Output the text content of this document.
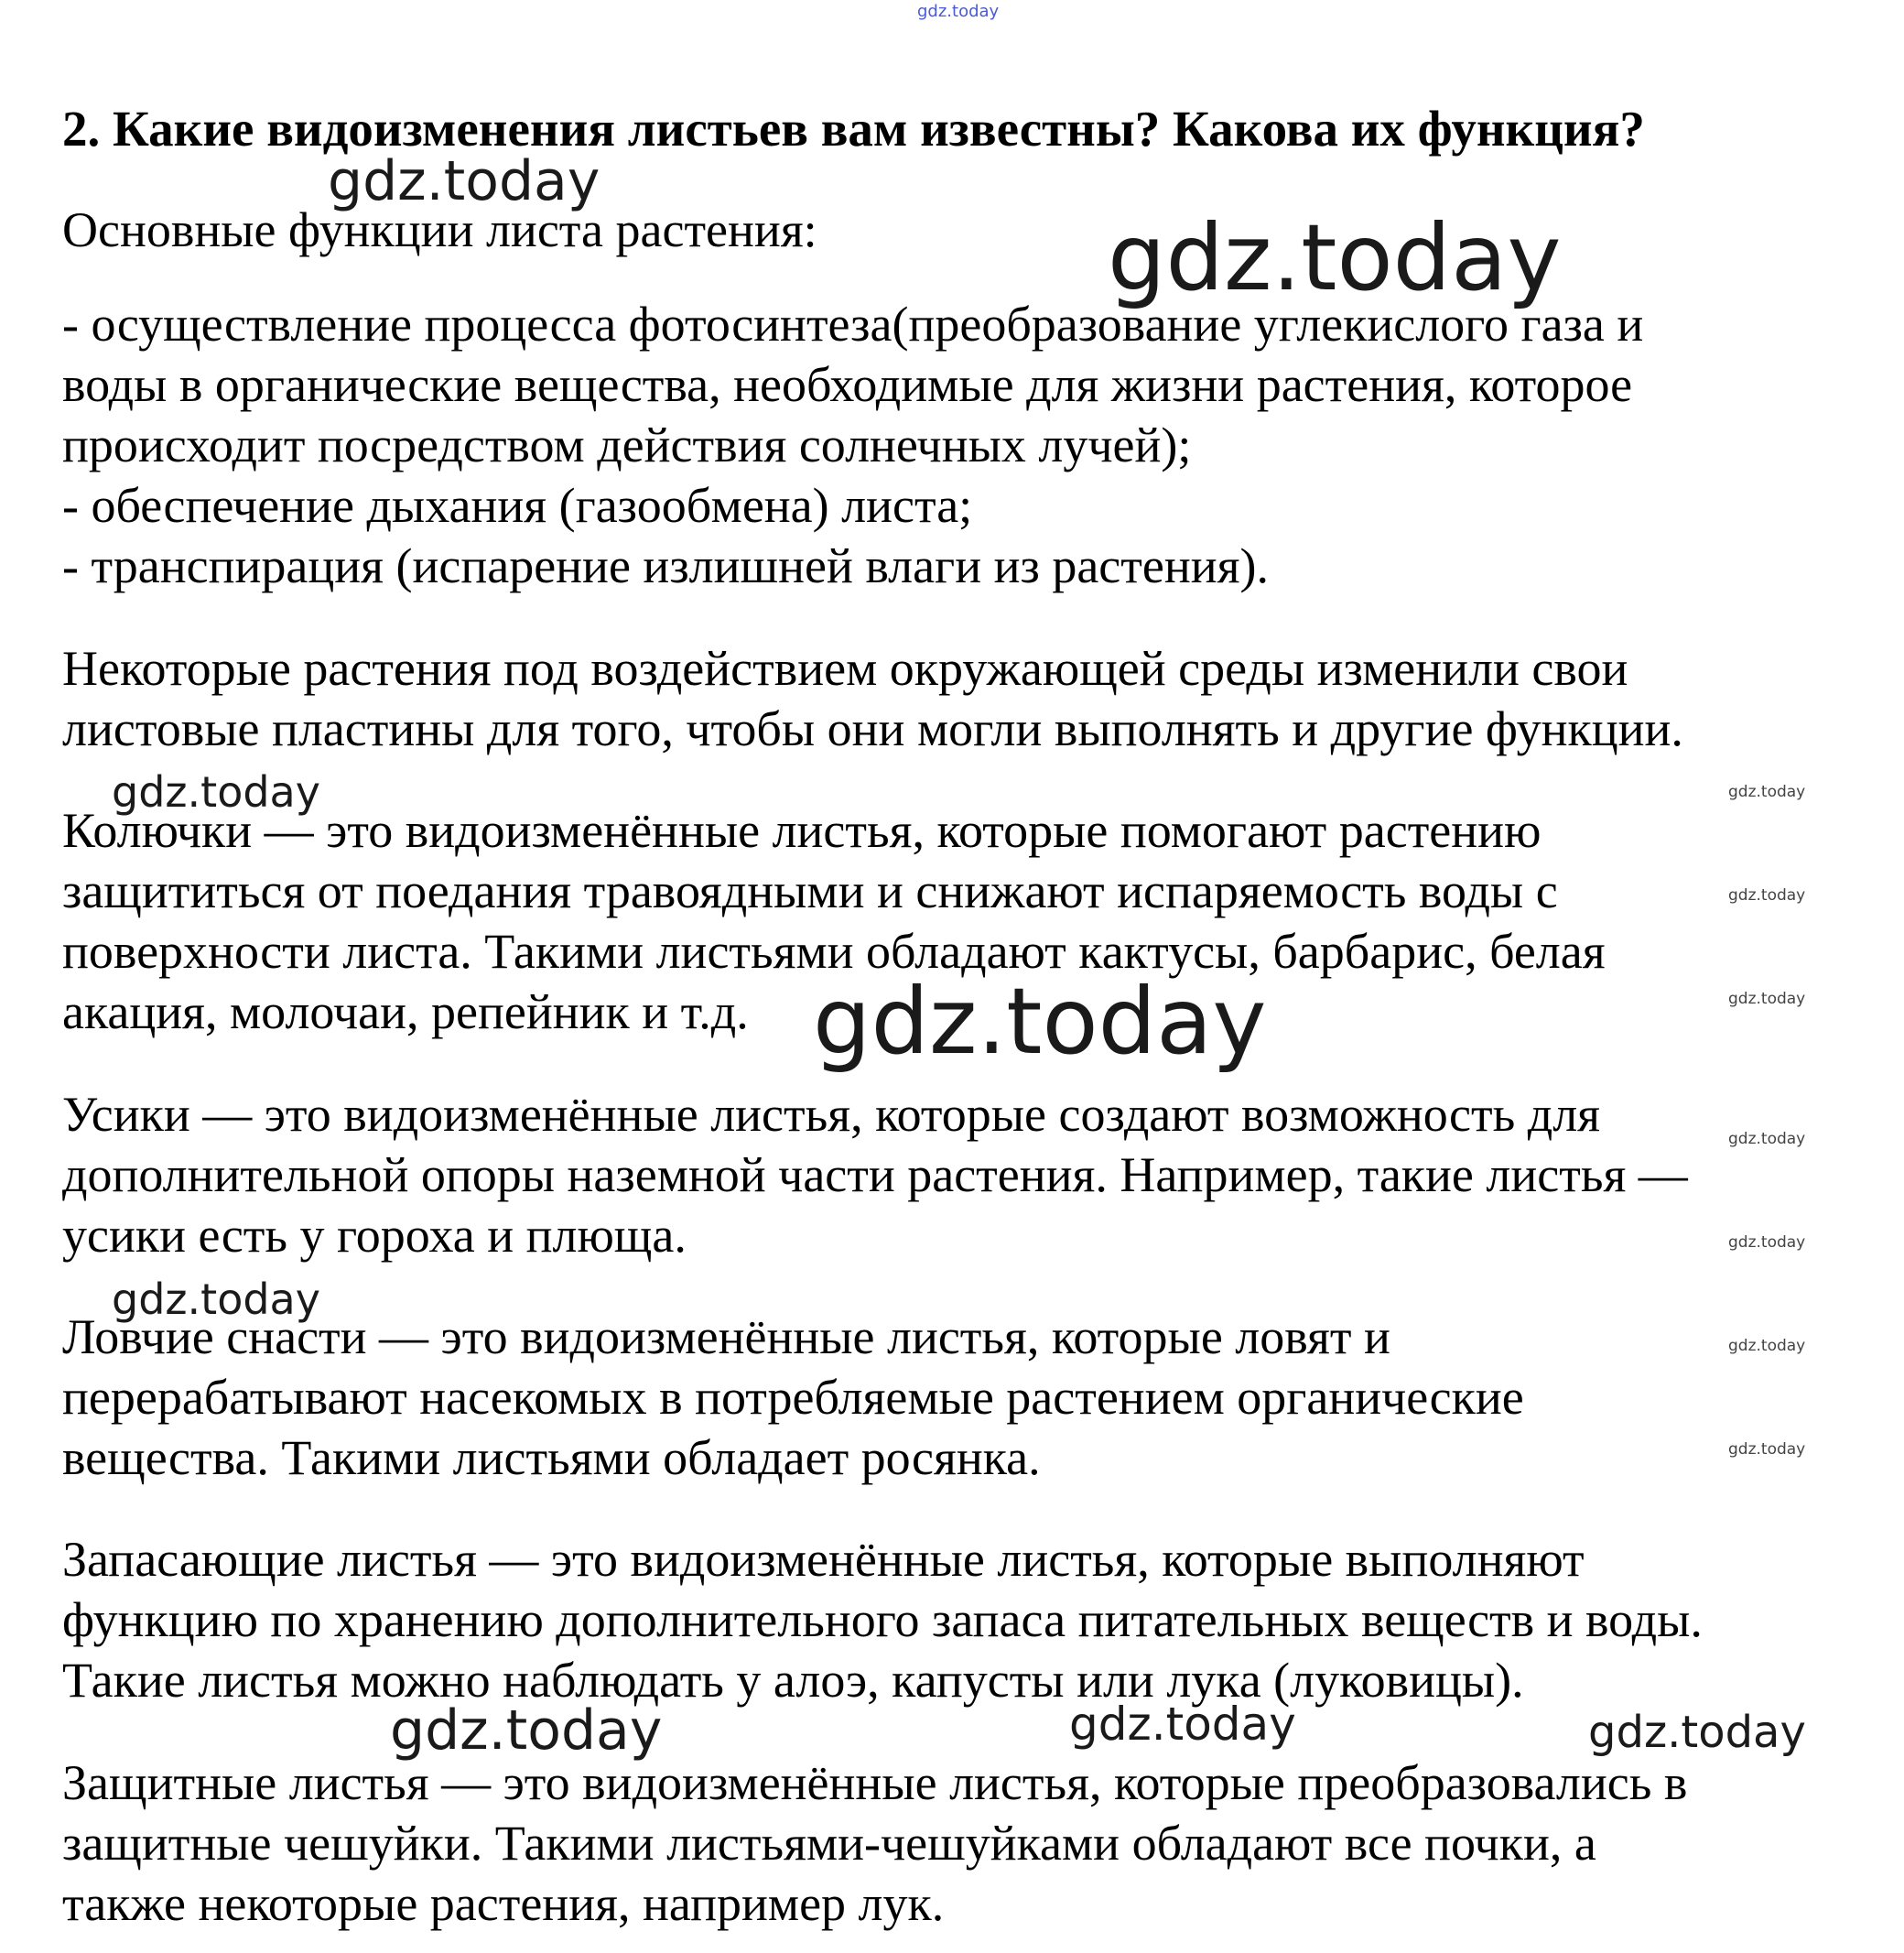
gdz.today
2. Какие видоизменения листьев вам известны? Какова их функция?
Основные функции листа растения:
- осуществление процесса фотосинтеза(преобразование углекислого газа и
воды в органические вещества, необходимые для жизни растения, которое
происходит посредством действия солнечных лучей);
- обеспечение дыхания (газообмена) листа;
- транспирация (испарение излишней влаги из растения).
Некоторые растения под воздействием окружающей среды изменили свои
листовые пластины для того, чтобы они могли выполнять и другие функции.
Колючки — это видоизменённые листья, которые помогают растению
защититься от поедания травоядными и снижают испаряемость воды с
поверхности листа. Такими листьями обладают кактусы, барбарис, белая
акация, молочаи, репейник и т.д.
Усики — это видоизменённые листья, которые создают возможность для
дополнительной опоры наземной части растения. Например, такие листья —
усики есть у гороха и плюща.
Ловчие снасти — это видоизменённые листья, которые ловят и
перерабатывают насекомых в потребляемые растением органические
вещества. Такими листьями обладает росянка.
Запасающие листья — это видоизменённые листья, которые выполняют
функцию по хранению дополнительного запаса питательных веществ и воды.
Такие листья можно наблюдать у алоэ, капусты или лука (луковицы).
Защитные листья — это видоизменённые листья, которые преобразовались в
защитные чешуйки. Такими листьями-чешуйками обладают все почки, а
также некоторые растения, например лук.
gdz.today
gdz.today
gdz.today
gdz.today
gdz.today
gdz.today	gdz.today	gdz.today
gdz.today
gdz.today
gdz.today
gdz.today
gdz.today
gdz.today
gdz.today
